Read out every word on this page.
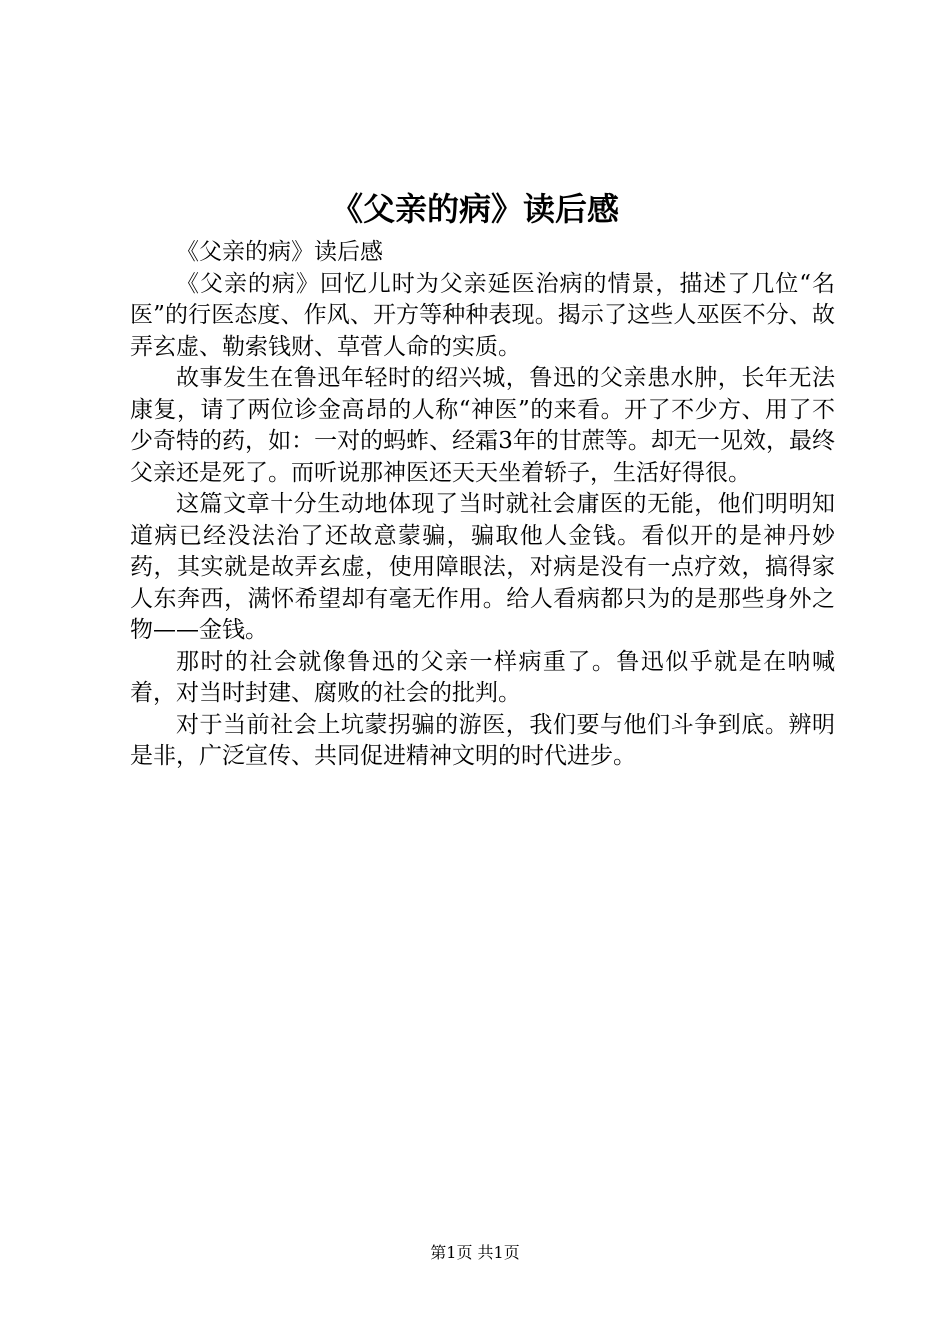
《父亲的病》读后感

《父亲的病》读后感

《父亲的病》回忆儿时为父亲延医治病的情景，描述了几位“名医”的行医态度、作风、开方等种种表现。揭示了这些人巫医不分、故弄玄虚、勒索钱财、草菅人命的实质。

故事发生在鲁迅年轻时的绍兴城，鲁迅的父亲患水肿，长年无法康复，请了两位诊金高昂的人称“神医”的来看。开了不少方、用了不少奇特的药，如：一对的蚂蚱、经霜3年的甘蔗等。却无一见效，最终父亲还是死了。而听说那神医还天天坐着轿子，生活好得很。

这篇文章十分生动地体现了当时就社会庸医的无能，他们明明知道病已经没法治了还故意蒙骗，骗取他人金钱。看似开的是神丹妙药，其实就是故弄玄虚，使用障眼法，对病是没有一点疗效，搞得家人东奔西，满怀希望却有毫无作用。给人看病都只为的是那些身外之物——金钱。

那时的社会就像鲁迅的父亲一样病重了。鲁迅似乎就是在呐喊着，对当时封建、腐败的社会的批判。

对于当前社会上坑蒙拐骗的游医，我们要与他们斗争到底。辨明是非，广泛宣传、共同促进精神文明的时代进步。

第1页 共1页
